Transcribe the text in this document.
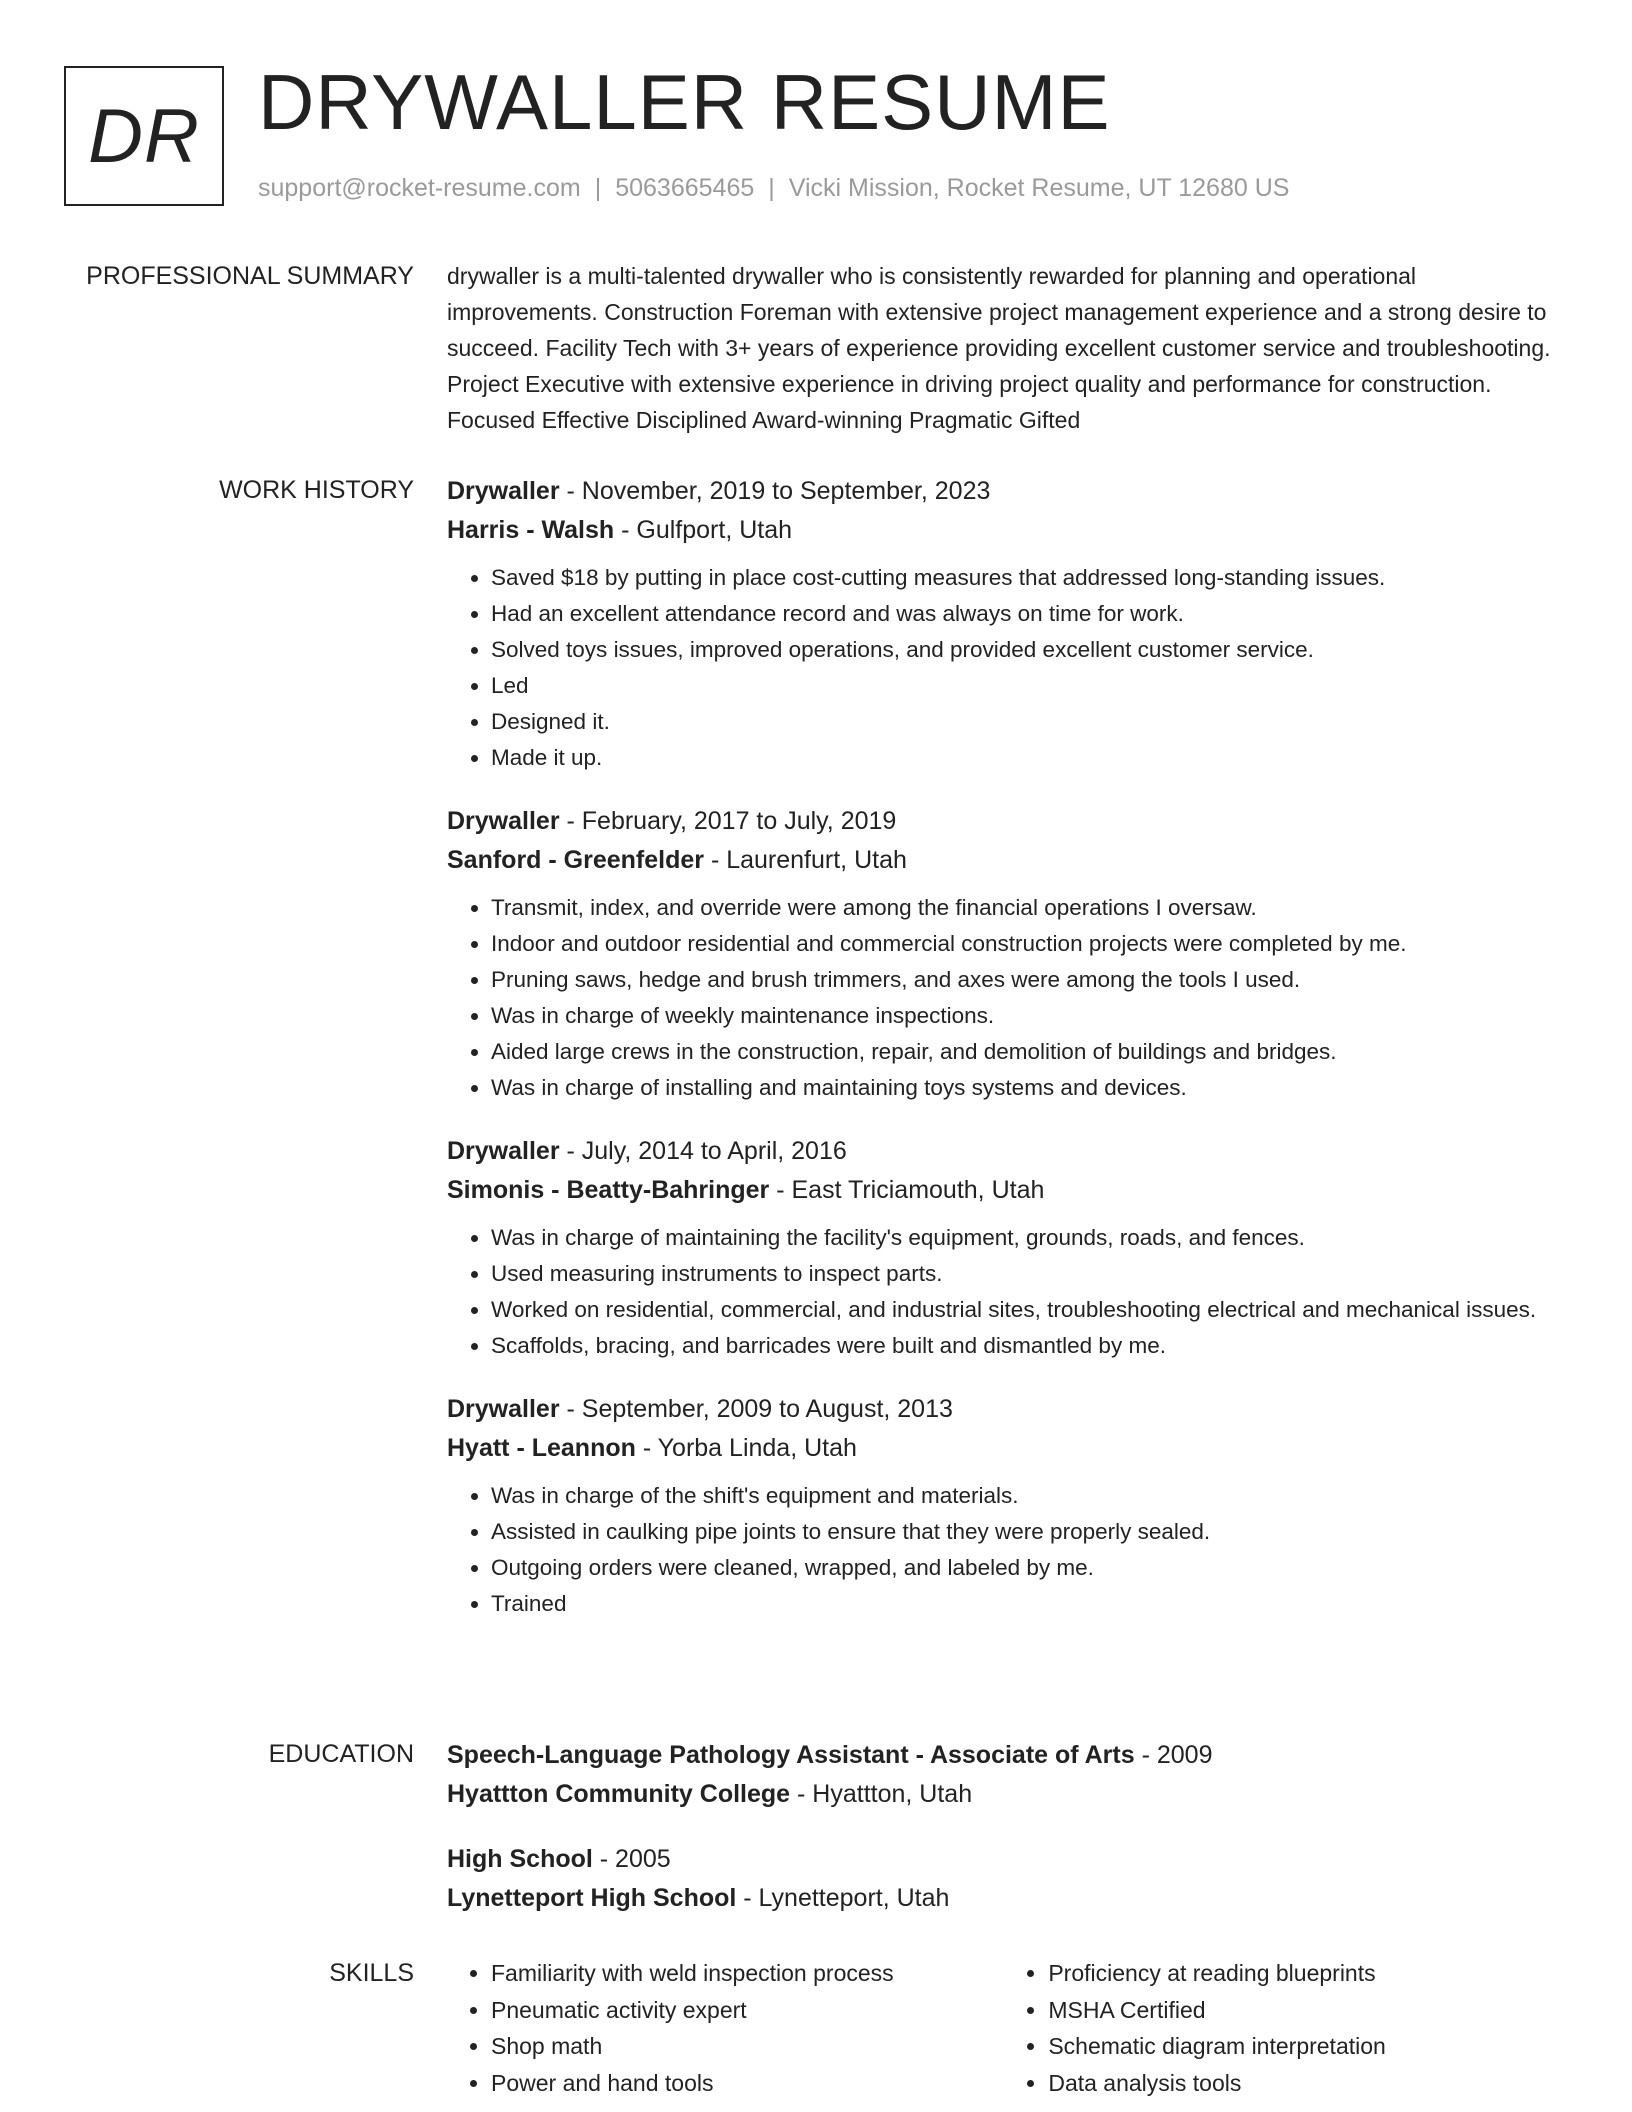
DR DRYWALLER RESUME
support@rocket-resume.com | 5063665465 | Vicki Mission, Rocket Resume, UT 12680 US
PROFESSIONAL SUMMARY drywaller is a multi-talented drywaller who is consistently rewarded for planning and operational improvements. Construction Foreman with extensive project management experience and a strong desire to succeed. Facility Tech with 3+ years of experience providing excellent customer service and troubleshooting. Project Executive with extensive experience in driving project quality and performance for construction. Focused Effective Disciplined Award-winning Pragmatic Gifted
WORK HISTORY Drywaller - November, 2019 to September, 2023
Harris - Walsh - Gulfport, Utah
• Saved $18 by putting in place cost-cutting measures that addressed long-standing issues.
• Had an excellent attendance record and was always on time for work.
• Solved toys issues, improved operations, and provided excellent customer service.
• Led
• Designed it.
• Made it up.
Drywaller - February, 2017 to July, 2019
Sanford - Greenfelder - Laurenfurt, Utah
• Transmit, index, and override were among the financial operations I oversaw.
• Indoor and outdoor residential and commercial construction projects were completed by me.
• Pruning saws, hedge and brush trimmers, and axes were among the tools I used.
• Was in charge of weekly maintenance inspections.
• Aided large crews in the construction, repair, and demolition of buildings and bridges.
• Was in charge of installing and maintaining toys systems and devices.
Drywaller - July, 2014 to April, 2016
Simonis - Beatty-Bahringer - East Triciamouth, Utah
• Was in charge of maintaining the facility's equipment, grounds, roads, and fences.
• Used measuring instruments to inspect parts.
• Worked on residential, commercial, and industrial sites, troubleshooting electrical and mechanical issues.
• Scaffolds, bracing, and barricades were built and dismantled by me.
Drywaller - September, 2009 to August, 2013
Hyatt - Leannon - Yorba Linda, Utah
• Was in charge of the shift's equipment and materials.
• Assisted in caulking pipe joints to ensure that they were properly sealed.
• Outgoing orders were cleaned, wrapped, and labeled by me.
• Trained
EDUCATION Speech-Language Pathology Assistant - Associate of Arts - 2009
Hyattton Community College - Hyattton, Utah
High School - 2005
Lynetteport High School - Lynetteport, Utah
SKILLS
•	Familiarity with weld inspection process
• Pneumatic activity expert
• Shop math
• Power and hand tools
• Proficiency at reading blueprints
• MSHA Certified
• Schematic diagram interpretation
• Data analysis tools
